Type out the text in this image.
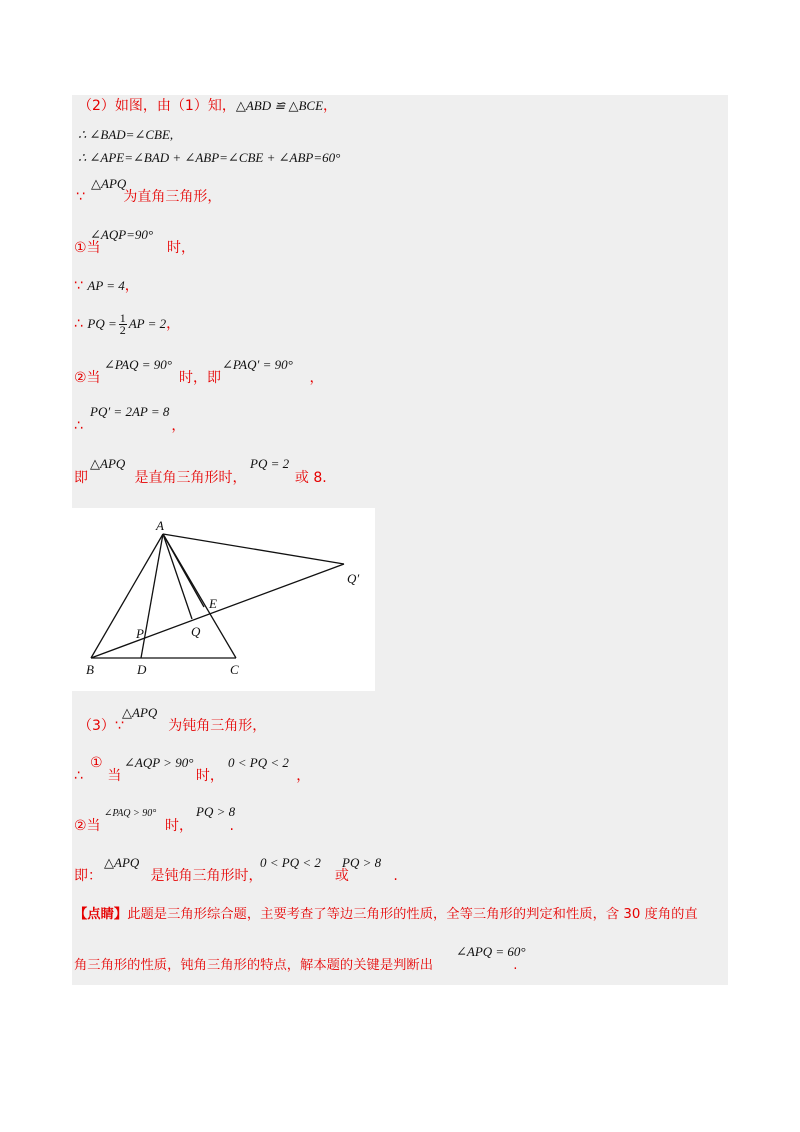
（2）如图，由（1）知，△ABD ≌ △BCE，
∴ ∠BAD=∠CBE,
∴ ∠APE=∠BAD + ∠ABP=∠CBE + ∠ABP=60°
△APQ
∵	为直角三角形，
∠AQP=90°
①当	时，
∵ AP = 4，
∴ PQ = $\frac{1}{2}$ AP = 2，
∠PAQ = 90°	∠PAQ′ = 90°
②当	时，即	，
PQ′ = 2AP = 8
∴	，
△APQ	PQ = 2
即	是直角三角形时，	或 8.
A
B	C
D
E
P	Q
Q′
△APQ
（3）∵	为钝角三角形，
① ∠AQP > 90°	0 < PQ < 2
∴ 当	时，	，
∠PAQ > 90°	PQ > 8
②当	时，	.
△APQ	0 < PQ < 2 PQ > 8
即：	是钝角三角形时，	或	.
【点睛】此题是三角形综合题，主要考查了等边三角形的性质，全等三角形的判定和性质，含 30 度角的直
∠APQ = 60°
角三角形的性质，钝角三角形的特点，解本题的关键是判断出	.
